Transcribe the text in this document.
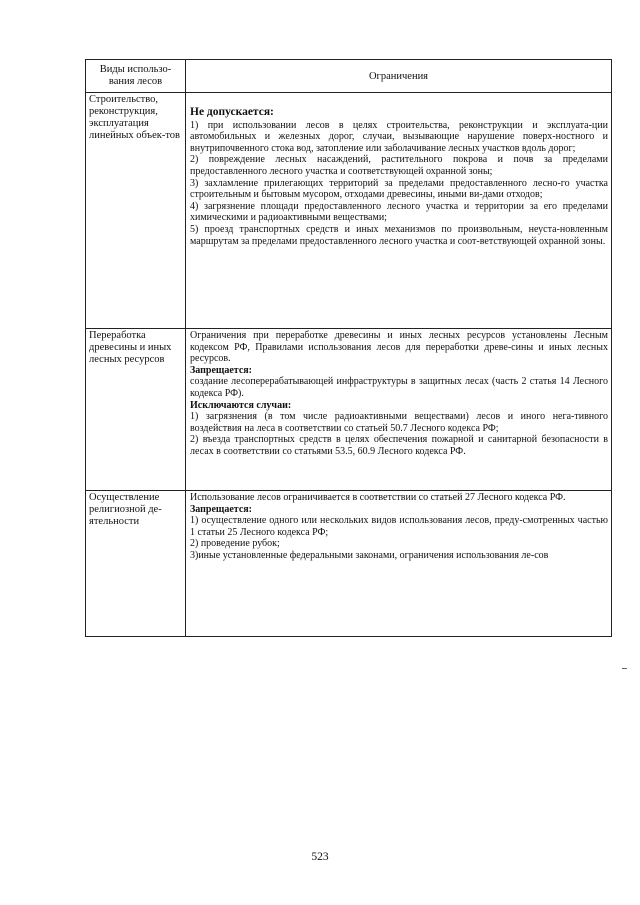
Виды использо-вания лесов	Ограничения
Строительство, реконструкция, эксплуатация линейных объек-тов

Не допускается:

1) при использовании лесов в целях строительства, реконструкции и эксплуата-ции автомобильных и железных дорог, случаи, вызывающие нарушение поверх-ностного и внутрипочвенного стока вод, затопление или заболачивание лесных участков вдоль дорог;

2) повреждение лесных насаждений, растительного покрова и почв за пределами предоставленного лесного участка и соответствующей охранной зоны;

3) захламление прилегающих территорий за пределами предоставленного лесно-го участка строительным и бытовым мусором, отходами древесины, иными ви-дами отходов;

4) загрязнение площади предоставленного лесного участка и территории за его пределами химическими и радиоактивными веществами;

5) проезд транспортных средств и иных механизмов по произвольным, неуста-новленным маршрутам за пределами предоставленного лесного участка и соот-ветствующей охранной зоны.

Переработка древесины и иных лесных ресурсов

Ограничения при переработке древесины и иных лесных ресурсов установлены Лесным кодексом РФ, Правилами использования лесов для переработки древе-сины и иных лесных ресурсов.

Запрещается:

создание лесоперерабатывающей инфраструктуры в защитных лесах (часть 2 статья 14 Лесного кодекса РФ).

Исключаются случаи:

1) загрязнения (в том числе радиоактивными веществами) лесов и иного нега-тивного воздействия на леса в соответствии со статьей 50.7 Лесного кодекса РФ;

2) въезда транспортных средств в целях обеспечения пожарной и санитарной безопасности в лесах в соответствии со статьями 53.5, 60.9 Лесного кодекса РФ.

Осуществление религиозной де-ятельности

Использование лесов ограничивается в соответствии со статьей 27 Лесного кодекса РФ.

Запрещается:

1) осуществление одного или нескольких видов использования лесов, преду-смотренных частью 1 статьи 25 Лесного кодекса РФ;

2) проведение рубок;

3)иные установленные федеральными законами, ограничения использования ле-сов

523
